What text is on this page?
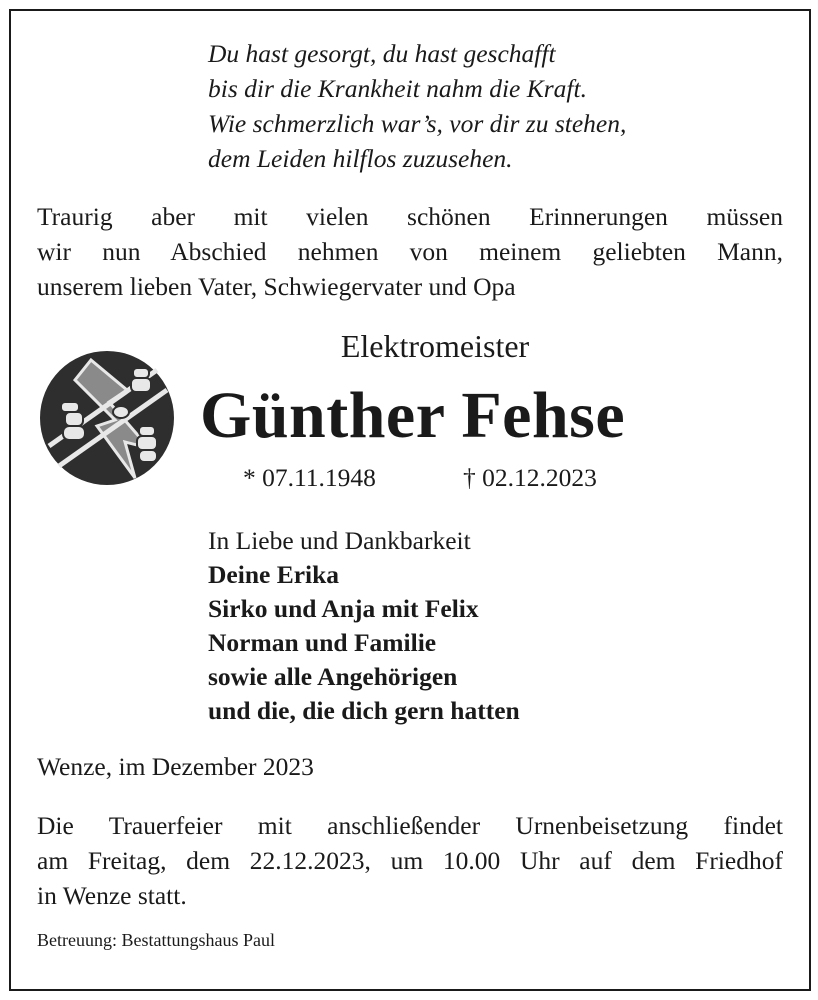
Du hast gesorgt, du hast geschafft
bis dir die Krankheit nahm die Kraft.
Wie schmerzlich war’s, vor dir zu stehen,
dem Leiden hilflos zuzusehen.
Traurig aber mit vielen schönen Erinnerungen müssen
wir nun Abschied nehmen von meinem geliebten Mann,
unserem lieben Vater, Schwiegervater und Opa
Elektromeister
Günther Fehse
* 07.11.1948	† 02.12.2023
In Liebe und Dankbarkeit
Deine Erika
Sirko und Anja mit Felix
Norman und Familie
sowie alle Angehörigen
und die, die dich gern hatten
Wenze, im Dezember 2023
Die Trauerfeier mit anschließender Urnenbeisetzung findet
am Freitag, dem 22.12.2023, um 10.00 Uhr auf dem Friedhof
in Wenze statt.
Betreuung: Bestattungshaus Paul
